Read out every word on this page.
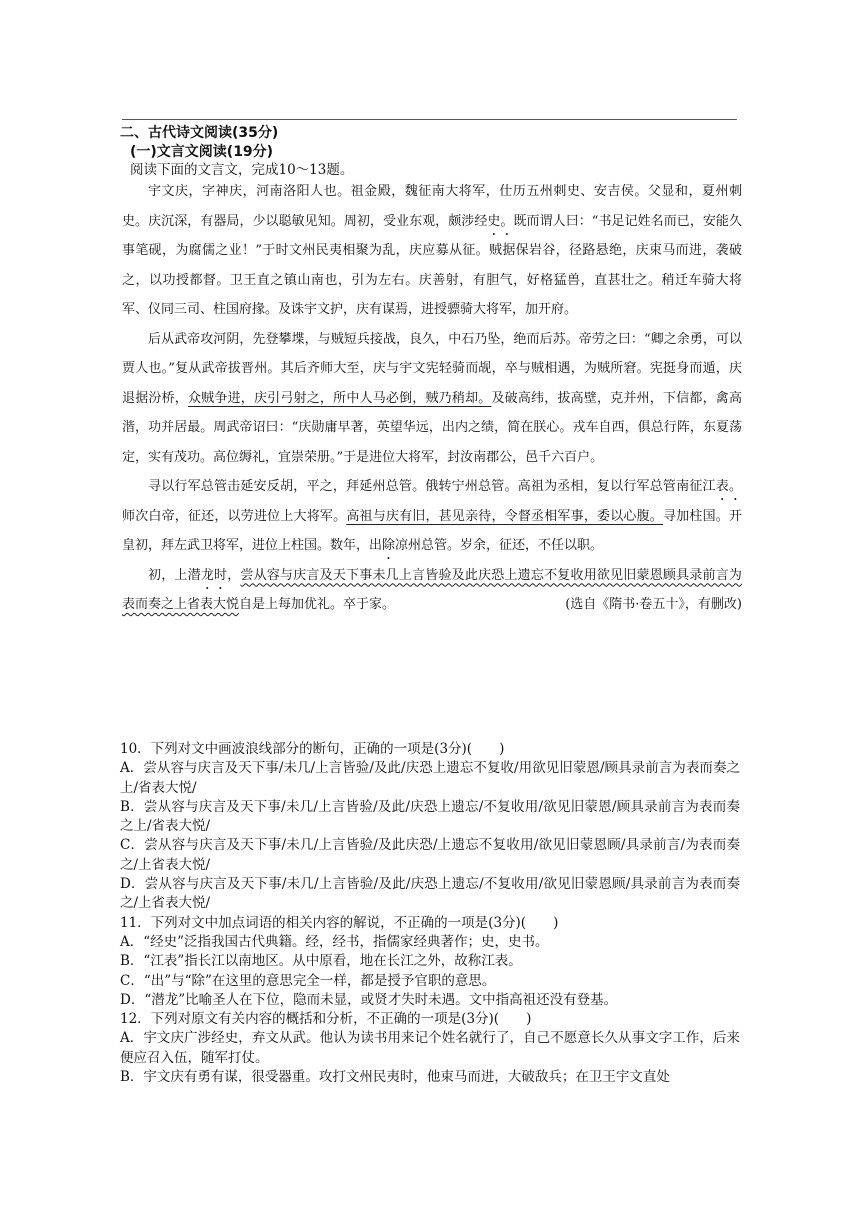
二、古代诗文阅读(35分)
(一)文言文阅读(19分)
阅读下面的文言文，完成10～13题。

宇文庆，字神庆，河南洛阳人也。祖金殿，魏征南大将军，仕历五州刺史、安吉侯。父显和，夏州刺史。庆沉深，有器局，少以聪敏见知。周初，受业东观，颇涉经史。既而谓人曰：“书足记姓名而已，安能久事笔砚，为腐儒之业！”于时文州民夷相聚为乱，庆应募从征。贼据保岩谷，径路悬绝，庆束马而进，袭破之，以功授都督。卫王直之镇山南也，引为左右。庆善射，有胆气，好格猛兽，直甚壮之。稍迁车骑大将军、仪同三司、柱国府掾。及诛宇文护，庆有谋焉，进授骠骑大将军，加开府。

后从武帝攻河阴，先登攀堞，与贼短兵接战，良久，中石乃坠，绝而后苏。帝劳之曰：“卿之余勇，可以贾人也。”复从武帝拔晋州。其后齐师大至，庆与宇文宪轻骑而觇，卒与贼相遇，为贼所窘。宪挺身而遁，庆退据汾桥，众贼争进，庆引弓射之，所中人马必倒，贼乃稍却。及破高纬，拔高壁，克并州，下信都，禽高湝，功并居最。周武帝诏曰：“庆勋庸早著，英望华远，出内之绩，简在朕心。戎车自西，俱总行阵，东夏荡定，实有茂功。高位缛礼，宜崇荣册。”于是进位大将军，封汝南郡公，邑千六百户。

寻以行军总管击延安反胡，平之，拜延州总管。俄转宁州总管。高祖为丞相，复以行军总管南征江表。师次白帝，征还，以劳进位上大将军。高祖与庆有旧，甚见亲待，令督丞相军事，委以心腹。寻加柱国。开皇初，拜左武卫将军，进位上柱国。数年，出除凉州总管。岁余，征还，不任以职。

初，上潜龙时，尝从容与庆言及天下事未几上言皆验及此庆恐上遗忘不复收用欲见旧蒙恩顾具录前言为表而奏之上省表大悦自是上每加优礼。卒于家。	(选自《隋书·卷五十》，有删改)

10．下列对文中画波浪线部分的断句，正确的一项是(3分)(　　)
A．尝从容与庆言及天下事/未几/上言皆验/及此/庆恐上遗忘不复收/用欲见旧蒙恩/顾具录前言为表而奏之上/省表大悦/
B．尝从容与庆言及天下事/未几/上言皆验/及此/庆恐上遗忘/不复收用/欲见旧蒙恩/顾具录前言为表而奏之上/省表大悦/
C．尝从容与庆言及天下事/未几/上言皆验/及此庆恐/上遗忘不复收用/欲见旧蒙恩顾/具录前言/为表而奏之/上省表大悦/
D．尝从容与庆言及天下事/未几/上言皆验/及此/庆恐上遗忘/不复收用/欲见旧蒙恩顾/具录前言为表而奏之/上省表大悦/
11．下列对文中加点词语的相关内容的解说，不正确的一项是(3分)(　　)
A．“经史”泛指我国古代典籍。经，经书，指儒家经典著作；史，史书。
B．“江表”指长江以南地区。从中原看，地在长江之外，故称江表。
C．“出”与“除”在这里的意思完全一样，都是授予官职的意思。
D．“潜龙”比喻圣人在下位，隐而未显，或贤才失时未遇。文中指高祖还没有登基。
12．下列对原文有关内容的概括和分析，不正确的一项是(3分)(　　)
A．宇文庆广涉经史，弃文从武。他认为读书用来记个姓名就行了，自己不愿意长久从事文字工作，后来便应召入伍，随军打仗。
B．宇文庆有勇有谋，很受器重。攻打文州民夷时，他束马而进，大破敌兵；在卫王宇文直处
